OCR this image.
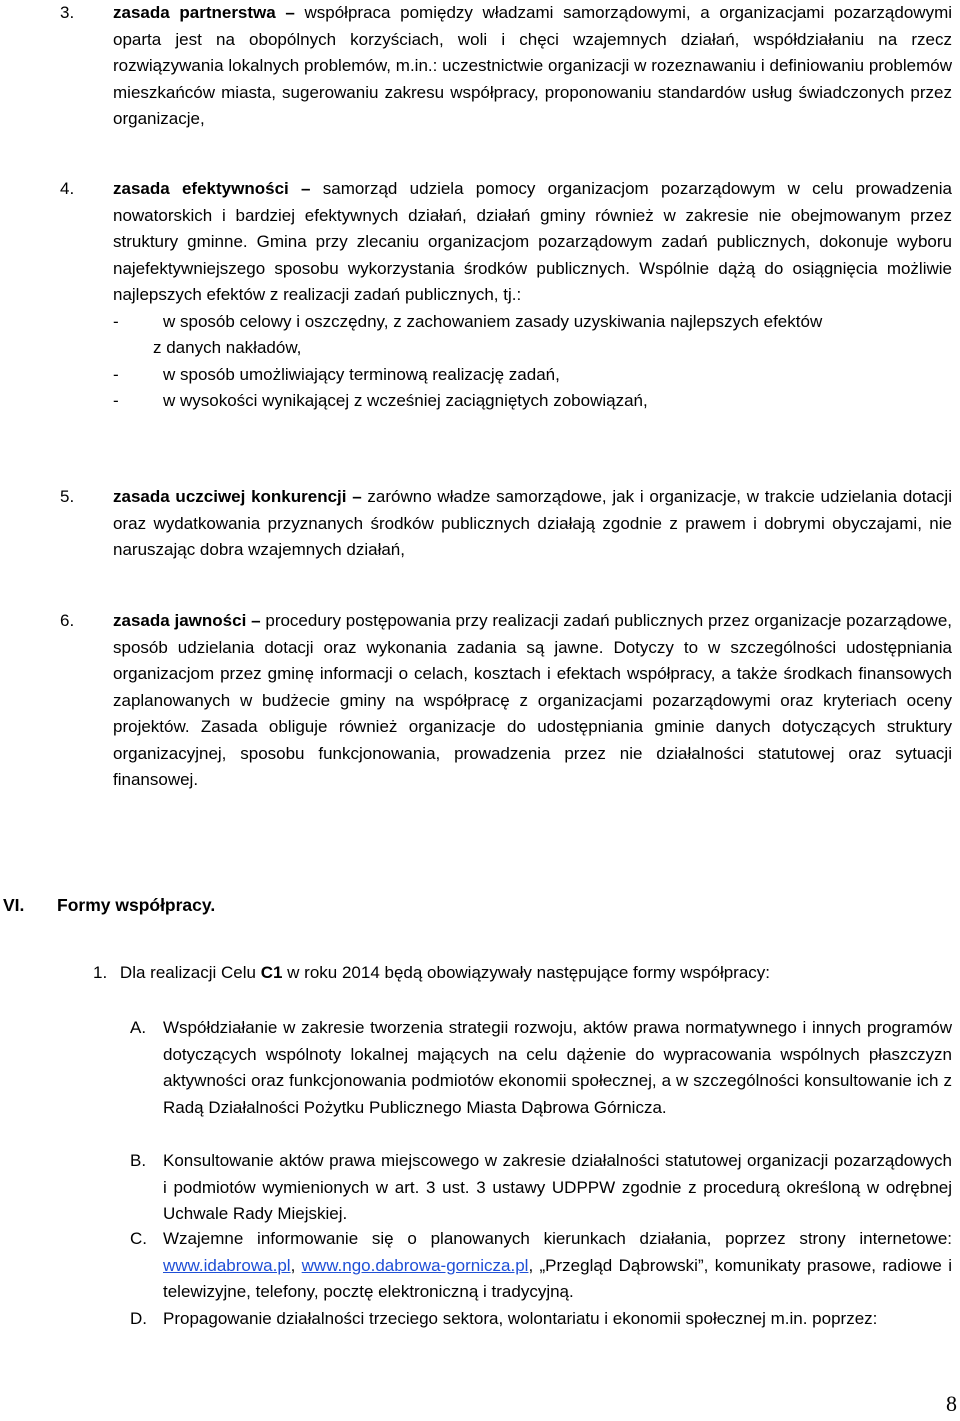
3. zasada partnerstwa – współpraca pomiędzy władzami samorządowymi, a organizacjami pozarządowymi oparta jest na obopólnych korzyściach, woli i chęci wzajemnych działań, współdziałaniu na rzecz rozwiązywania lokalnych problemów, m.in.: uczestnictwie organizacji w rozeznawaniu i definiowaniu problemów mieszkańców miasta, sugerowaniu zakresu współpracy, proponowaniu standardów usług świadczonych przez organizacje,

4. zasada efektywności – samorząd udziela pomocy organizacjom pozarządowym w celu prowadzenia nowatorskich i bardziej efektywnych działań, działań gminy również w zakresie nie obejmowanym przez struktury gminne. Gmina przy zlecaniu organizacjom pozarządowym zadań publicznych, dokonuje wyboru najefektywniejszego sposobu wykorzystania środków publicznych. Wspólnie dążą do osiągnięcia możliwie najlepszych efektów z realizacji zadań publicznych, tj.:

-	w sposób celowy i oszczędny, z zachowaniem zasady uzyskiwania najlepszych efektów
z danych nakładów,
-	w sposób umożliwiający terminową realizację zadań,
-	w wysokości wynikającej z wcześniej zaciągniętych zobowiązań,
5. zasada uczciwej konkurencji – zarówno władze samorządowe, jak i organizacje, w trakcie udzielania dotacji oraz wydatkowania przyznanych środków publicznych działają zgodnie z prawem i dobrymi obyczajami, nie naruszając dobra wzajemnych działań,

6. zasada jawności – procedury postępowania przy realizacji zadań publicznych przez organizacje pozarządowe, sposób udzielania dotacji oraz wykonania zadania są jawne. Dotyczy to w szczególności udostępniania organizacjom przez gminę informacji o celach, kosztach i efektach współpracy, a także środkach finansowych zaplanowanych w budżecie gminy na współpracę z organizacjami pozarządowymi oraz kryteriach oceny projektów. Zasada obliguje również organizacje do udostępniania gminie danych dotyczących struktury organizacyjnej, sposobu funkcjonowania, prowadzenia przez nie działalności statutowej oraz sytuacji finansowej.

VI. Formy współpracy.
1. Dla realizacji Celu C1 w roku 2014 będą obowiązywały następujące formy współpracy:
A. Współdziałanie w zakresie tworzenia strategii rozwoju, aktów prawa normatywnego i innych programów dotyczących wspólnoty lokalnej mających na celu dążenie do wypracowania wspólnych płaszczyzn aktywności oraz funkcjonowania podmiotów ekonomii społecznej, a w szczególności konsultowanie ich z Radą Działalności Pożytku Publicznego Miasta Dąbrowa Górnicza.
B. Konsultowanie aktów prawa miejscowego w zakresie działalności statutowej organizacji pozarządowych i podmiotów wymienionych w art. 3 ust. 3 ustawy UDPPW zgodnie z procedurą określoną w odrębnej Uchwale Rady Miejskiej.
C. Wzajemne informowanie się o planowanych kierunkach działania, poprzez strony internetowe: www.idabrowa.pl, www.ngo.dabrowa-gornicza.pl, „Przegląd Dąbrowski”, komunikaty prasowe, radiowe i telewizyjne, telefony, pocztę elektroniczną i tradycyjną.
D. Propagowanie działalności trzeciego sektora, wolontariatu i ekonomii społecznej m.in. poprzez:
8
